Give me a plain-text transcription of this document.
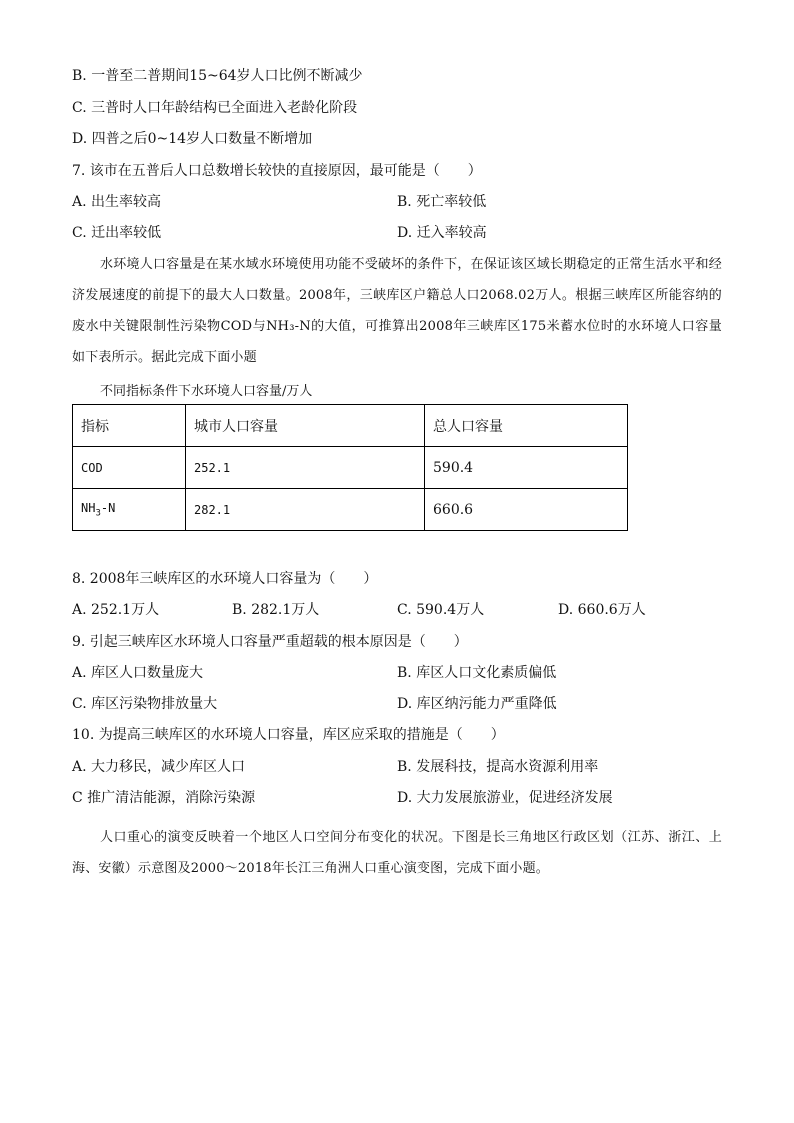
B. 一普至二普期间15~64岁人口比例不断减少
C. 三普时人口年龄结构已全面进入老龄化阶段
D. 四普之后0~14岁人口数量不断增加
7. 该市在五普后人口总数增长较快的直接原因，最可能是（　　）
A. 出生率较高	B. 死亡率较低
C. 迁出率较低	D. 迁入率较高
水环境人口容量是在某水域水环境使用功能不受破坏的条件下，在保证该区域长期稳定的正常生活水平和经济发展速度的前提下的最大人口数量。2008年，三峡库区户籍总人口2068.02万人。根据三峡库区所能容纳的废水中关键限制性污染物COD与NH₃-N的大值，可推算出2008年三峡库区175米蓄水位时的水环境人口容量如下表所示。据此完成下面小题
不同指标条件下水环境人口容量/万人
指标	城市人口容量	总人口容量
COD	252.1	590.4
$NH_3-N$	282.1	660.6
8. 2008年三峡库区的水环境人口容量为（　　）
A. 252.1万人	B. 282.1万人	C. 590.4万人	D. 660.6万人
9. 引起三峡库区水环境人口容量严重超载的根本原因是（　　）
A. 库区人口数量庞大	B. 库区人口文化素质偏低
C. 库区污染物排放量大	D. 库区纳污能力严重降低
10. 为提高三峡库区的水环境人口容量，库区应采取的措施是（　　）
A. 大力移民，减少库区人口	B. 发展科技，提高水资源利用率
C 推广清洁能源，消除污染源	D. 大力发展旅游业，促进经济发展
人口重心的演变反映着一个地区人口空间分布变化的状况。下图是长三角地区行政区划（江苏、浙江、上海、安徽）示意图及2000～2018年长江三角洲人口重心演变图，完成下面小题。
